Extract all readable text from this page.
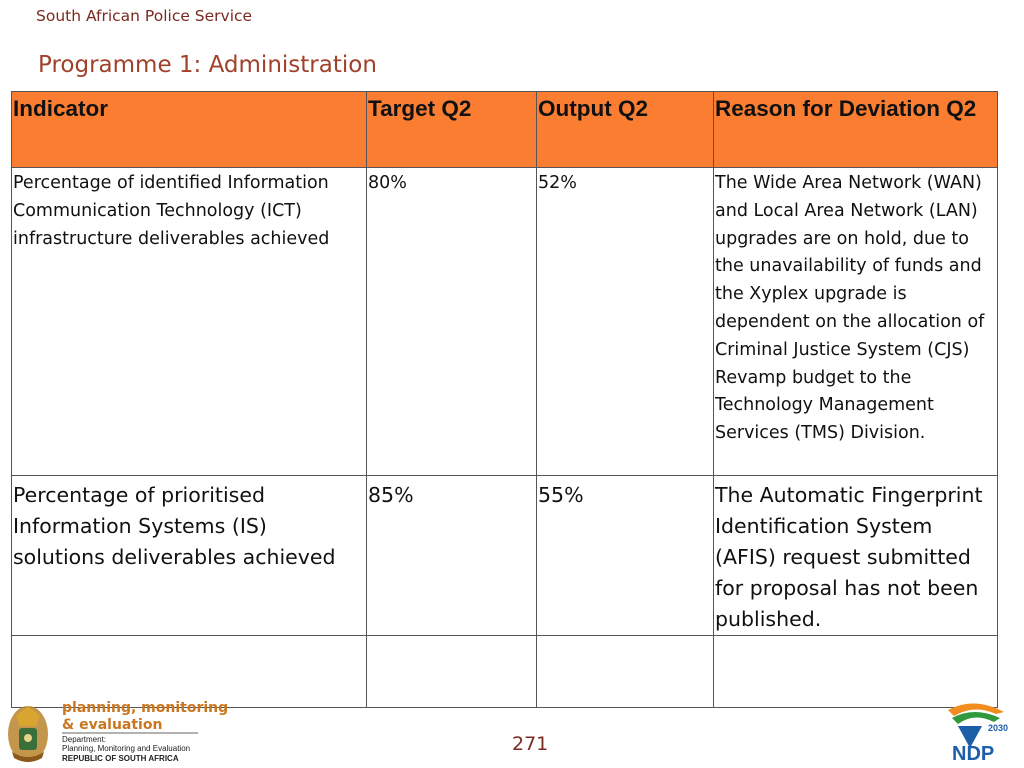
South African Police Service
Programme 1: Administration
Indicator	Target Q2	Output Q2	Reason for Deviation Q2
Percentage of identified Information Communication Technology (ICT) infrastructure deliverables achieved	80%	52%	The Wide Area Network (WAN) and Local Area Network (LAN) upgrades are on hold, due to the unavailability of funds and the Xyplex upgrade is dependent on the allocation of Criminal Justice System (CJS) Revamp budget to the Technology Management Services (TMS) Division.
Percentage of prioritised Information Systems (IS) solutions deliverables achieved	85%	55%	The Automatic Fingerprint Identification System (AFIS) request submitted for proposal has not been published.

planning, monitoring
& evaluation
Department:
Planning, Monitoring and Evaluation
REPUBLIC OF SOUTH AFRICA
271
2030
NDP
